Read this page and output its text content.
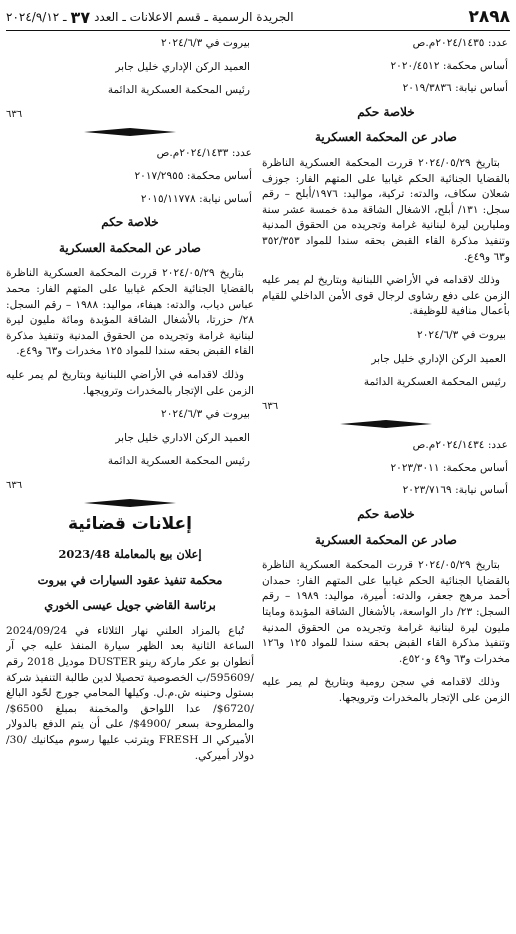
٢٨٩٨
الجريدة الرسمية ـ قسم الاعلانات ـ العدد
٣٧
ـ ٢٠٢٤/٩/١٢
عدد: ٢٠٢٤/١٤٣٥م.ص
أساس محكمة: ٢٠٢٠/٤٥١٢
أساس نيابة: ٢٠١٩/٣٨٣٦
خلاصة حكم
صادر عن المحكمة العسكرية

بتاريخ ٢٠٢٤/٠٥/٢٩ قررت المحكمة العسكرية الناظرة بالقضايا الجنائية الحكم غيابيا على المتهم الفار: جوزف شعلان سكاف، والدته: تركية، مواليد: ١٩٧٦/أبلح – رقم سجل: ١٣١/ أبلح، الاشغال الشاقة مدة خمسة عشر سنة ومليارين ليرة لبنانية غرامة وتجريده من الحقوق المدنية وتنفيذ مذكرة القاء القبض بحقه سندا للمواد ٣٥٢/٣٥٣ و٦٣ و٤٩ع.

وذلك لاقدامه في الأراضي اللبنانية وبتاريخ لم يمر عليه الزمن على دفع رشاوى لرجال قوى الأمن الداخلي للقيام بأعمال منافية للوظيفة.

بيروت في ٢٠٢٤/٦/٣
العميد الركن الإداري خليل جابر
رئيس المحكمة العسكرية الدائمة
٦٣٦
عدد: ٢٠٢٤/١٤٣٤م.ص
أساس محكمة: ٢٠٢٣/٣٠١١
أساس نيابة: ٢٠٢٣/٧١٦٩
خلاصة حكم
صادر عن المحكمة العسكرية

بتاريخ ٢٠٢٤/٠٥/٢٩ قررت المحكمة العسكرية الناظرة بالقضايا الجنائية الحكم غيابيا على المتهم الفار: حمدان أحمد مرهج جعفر، والدته: أميرة، مواليد: ١٩٨٩ – رقم السجل: ٢٣/ دار الواسعة، بالأشغال الشاقة المؤبدة ومايتا مليون ليرة لبنانية غرامة وتجريده من الحقوق المدنية وتنفيذ مذكرة القاء القبض بحقه سندا للمواد ١٢٥ و١٢٦ مخدرات و٦٣ و٤٩ و٥٢٠ع.

وذلك لاقدامه في سجن رومية وبتاريخ لم يمر عليه الزمن على الإتجار بالمخدرات وترويجها.

بيروت في ٢٠٢٤/٦/٣
العميد الركن الإداري خليل جابر
رئيس المحكمة العسكرية الدائمة
٦٣٦
عدد: ٢٠٢٤/١٤٣٣م.ص
أساس محكمة: ٢٠١٧/٢٩٥٥
أساس نيابة: ٢٠١٥/١١٧٧٨
خلاصة حكم
صادر عن المحكمة العسكرية

بتاريخ ٢٠٢٤/٠٥/٢٩ قررت المحكمة العسكرية الناظرة بالقضايا الجنائية الحكم غيابيا على المتهم الفار: محمد عباس دياب، والدته: هيفاء، مواليد: ١٩٨٨ – رقم السجل: ٢٨/ حزرتا، بالأشغال الشاقة المؤبدة ومائة مليون ليرة لبنانية غرامة وتجريده من الحقوق المدنية وتنفيذ مذكرة القاء القبض بحقه سندا للمواد ١٢٥ مخدرات و٦٣ و٤٩ع.

وذلك لاقدامه في الأراضي اللبنانية وبتاريخ لم يمر عليه الزمن على الإتجار بالمخدرات وترويجها.

بيروت في ٢٠٢٤/٦/٣
العميد الركن الاداري خليل جابر
رئيس المحكمة العسكرية الدائمة
٦٣٦
إعلانات قضائية
إعلان بيع بالمعاملة 2023/48
محكمة تنفيذ عقود السيارات في بيروت
برئاسة القاضي جويل عيسى الخوري

تُباع بالمزاد العلني نهار الثلاثاء في 2024/09/24 الساعة الثانية بعد الظهر سيارة المنفذ عليه جي آر أنطوان بو عكر ماركة رينو DUSTER موديل 2018 رقم /595609/ب الخصوصية تحصيلا لدين طالبة التنفيذ شركة بستول وحنينه ش.م.ل. وكيلها المحامي جورج لحّود البالغ /6720$/ عدا اللواحق والمخمنة بمبلغ 6500$/ والمطروحة بسعر /4900$/ على أن يتم الدفع بالدولار الأميركي الـ FRESH ويترتب عليها رسوم ميكانيك /30/ دولار أميركي.
